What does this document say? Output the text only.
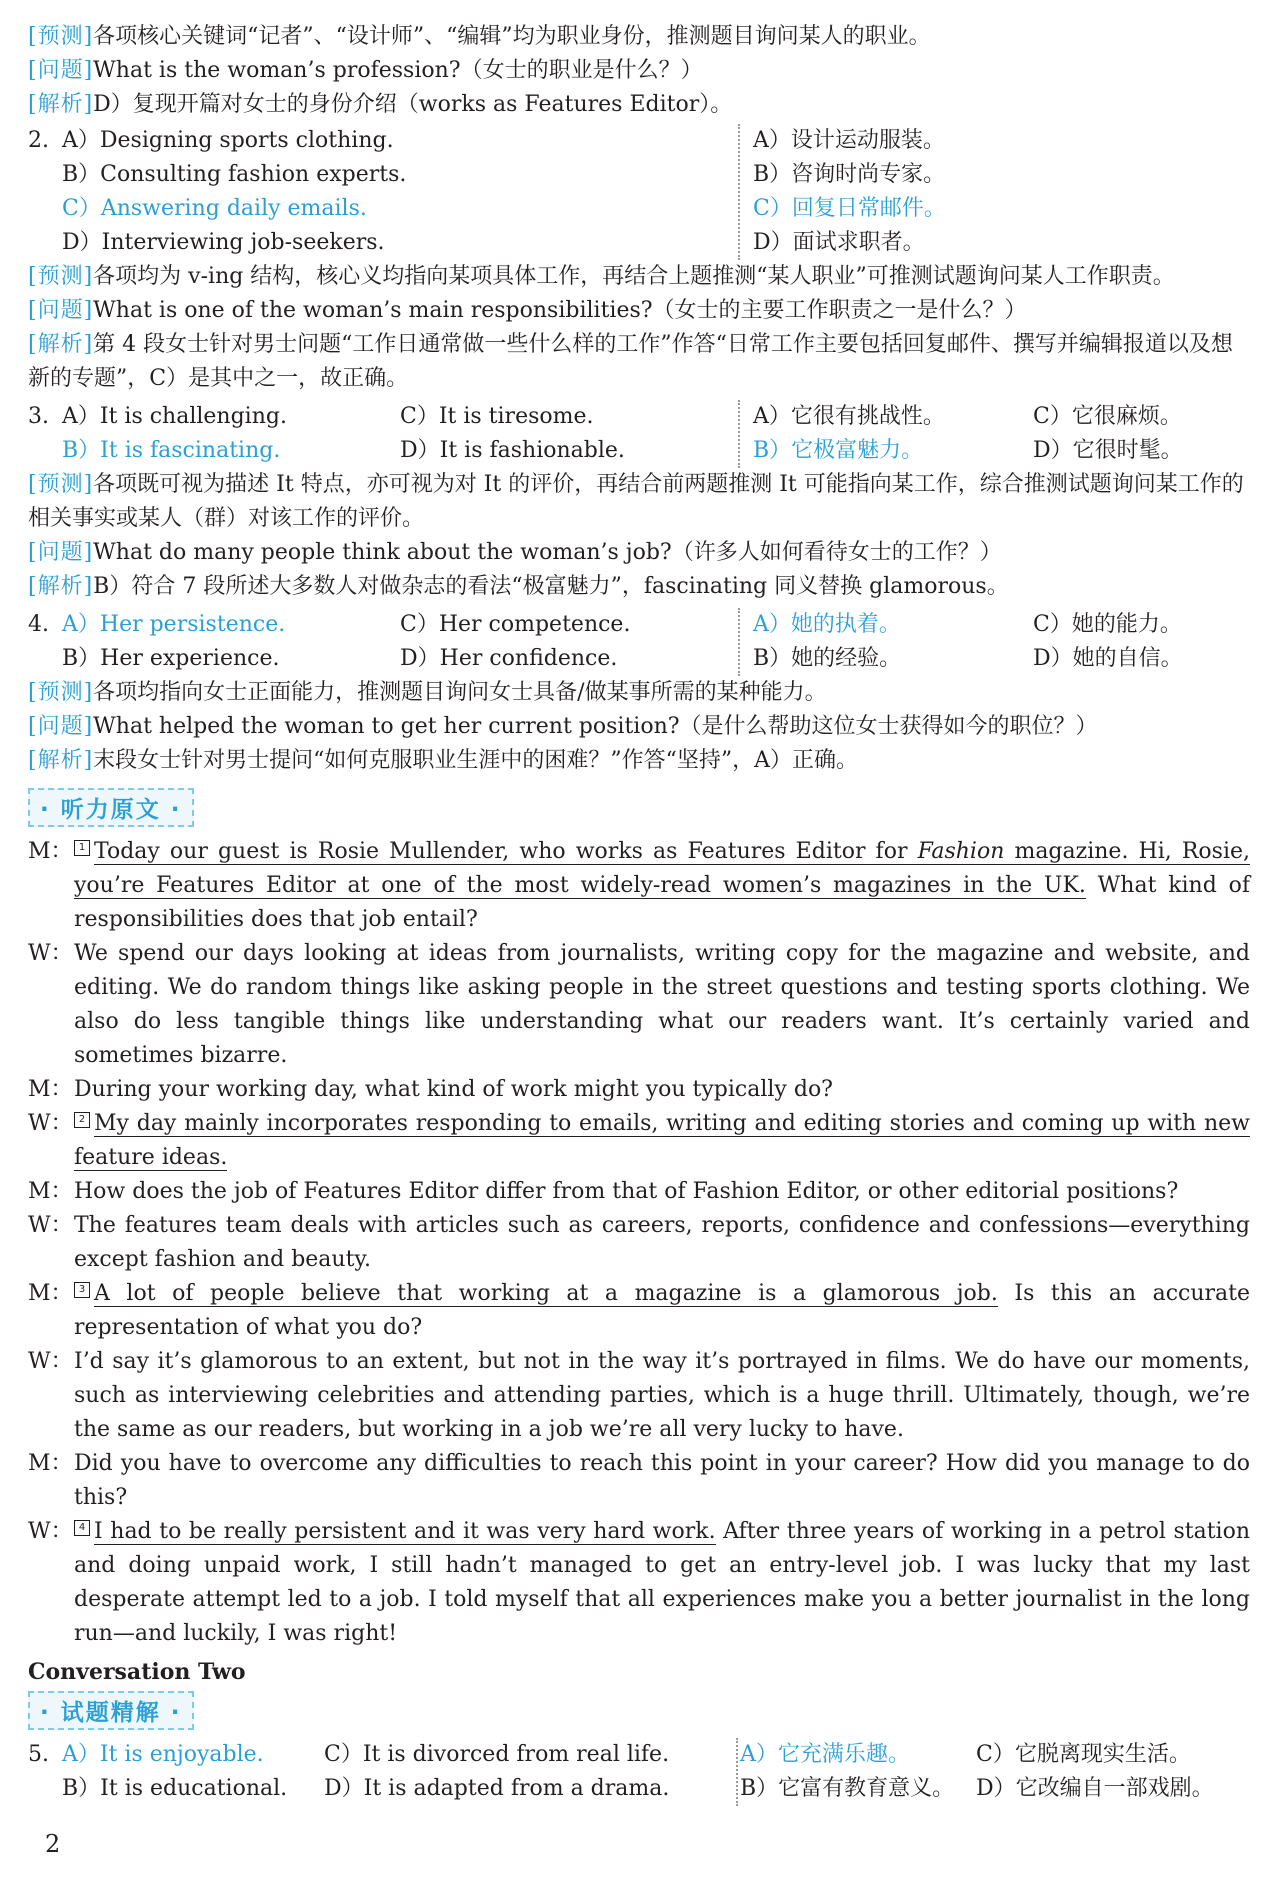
[预测]各项核心关键词“记者”、“设计师”、“编辑”均为职业身份，推测题目询问某人的职业。
[问题]What is the woman’s profession?（女士的职业是什么？）
[解析]D）复现开篇对女士的身份介绍（works as Features Editor）。
2. A）Designing sports clothing.	A）设计运动服装。
B）Consulting fashion experts.	B）咨询时尚专家。
C）Answering daily emails.	C）回复日常邮件。
D）Interviewing job-seekers.	D）面试求职者。
[预测]各项均为 v-ing 结构，核心义均指向某项具体工作，再结合上题推测“某人职业”可推测试题询问某人工作职责。
[问题]What is one of the woman’s main responsibilities?（女士的主要工作职责之一是什么？）
[解析]第 4 段女士针对男士问题“工作日通常做一些什么样的工作”作答“日常工作主要包括回复邮件、撰写并编辑报道以及想新的专题”，C）是其中之一，故正确。
3. A）It is challenging.	C）It is tiresome.	A）它很有挑战性。	C）它很麻烦。
B）It is fascinating.	D）It is fashionable.	B）它极富魅力。	D）它很时髦。
[预测]各项既可视为描述 It 特点，亦可视为对 It 的评价，再结合前两题推测 It 可能指向某工作，综合推测试题询问某工作的相关事实或某人（群）对该工作的评价。
[问题]What do many people think about the woman’s job?（许多人如何看待女士的工作？）
[解析]B）符合 7 段所述大多数人对做杂志的看法“极富魅力”，fascinating 同义替换 glamorous。
4. A）Her persistence.	C）Her competence.	A）她的执着。	C）她的能力。
B）Her experience.	D）Her confidence.	B）她的经验。	D）她的自信。
[预测]各项均指向女士正面能力，推测题目询问女士具备/做某事所需的某种能力。
[问题]What helped the woman to get her current position?（是什么帮助这位女士获得如今的职位？）
[解析]末段女士针对男士提问“如何克服职业生涯中的困难？”作答“坚持”，A）正确。
· 听力原文 ·
M： 1 Today our guest is Rosie Mullender, who works as Features Editor for Fashion magazine. Hi, Rosie, you’re Features Editor at one of the most widely-read women’s magazines in the UK. What kind of responsibilities does that job entail?
W： We spend our days looking at ideas from journalists, writing copy for the magazine and website, and editing. We do random things like asking people in the street questions and testing sports clothing. We also do less tangible things like understanding what our readers want. It’s certainly varied and sometimes bizarre.
M： During your working day, what kind of work might you typically do?
W： 2 My day mainly incorporates responding to emails, writing and editing stories and coming up with new feature ideas.
M： How does the job of Features Editor differ from that of Fashion Editor, or other editorial positions?
W： The features team deals with articles such as careers, reports, confidence and confessions—everything except fashion and beauty.
M： 3 A lot of people believe that working at a magazine is a glamorous job. Is this an accurate representation of what you do?
W： I’d say it’s glamorous to an extent, but not in the way it’s portrayed in films. We do have our moments, such as interviewing celebrities and attending parties, which is a huge thrill. Ultimately, though, we’re the same as our readers, but working in a job we’re all very lucky to have.
M： Did you have to overcome any difficulties to reach this point in your career? How did you manage to do this?
W： 4 I had to be really persistent and it was very hard work. After three years of working in a petrol station and doing unpaid work, I still hadn’t managed to get an entry-level job. I was lucky that my last desperate attempt led to a job. I told myself that all experiences make you a better journalist in the long run—and luckily, I was right!
Conversation Two
· 试题精解 ·
5. A）It is enjoyable.	C）It is divorced from real life.	A）它充满乐趣。	C）它脱离现实生活。
B）It is educational. D）It is adapted from a drama.	B）它富有教育意义。 D）它改编自一部戏剧。
2
